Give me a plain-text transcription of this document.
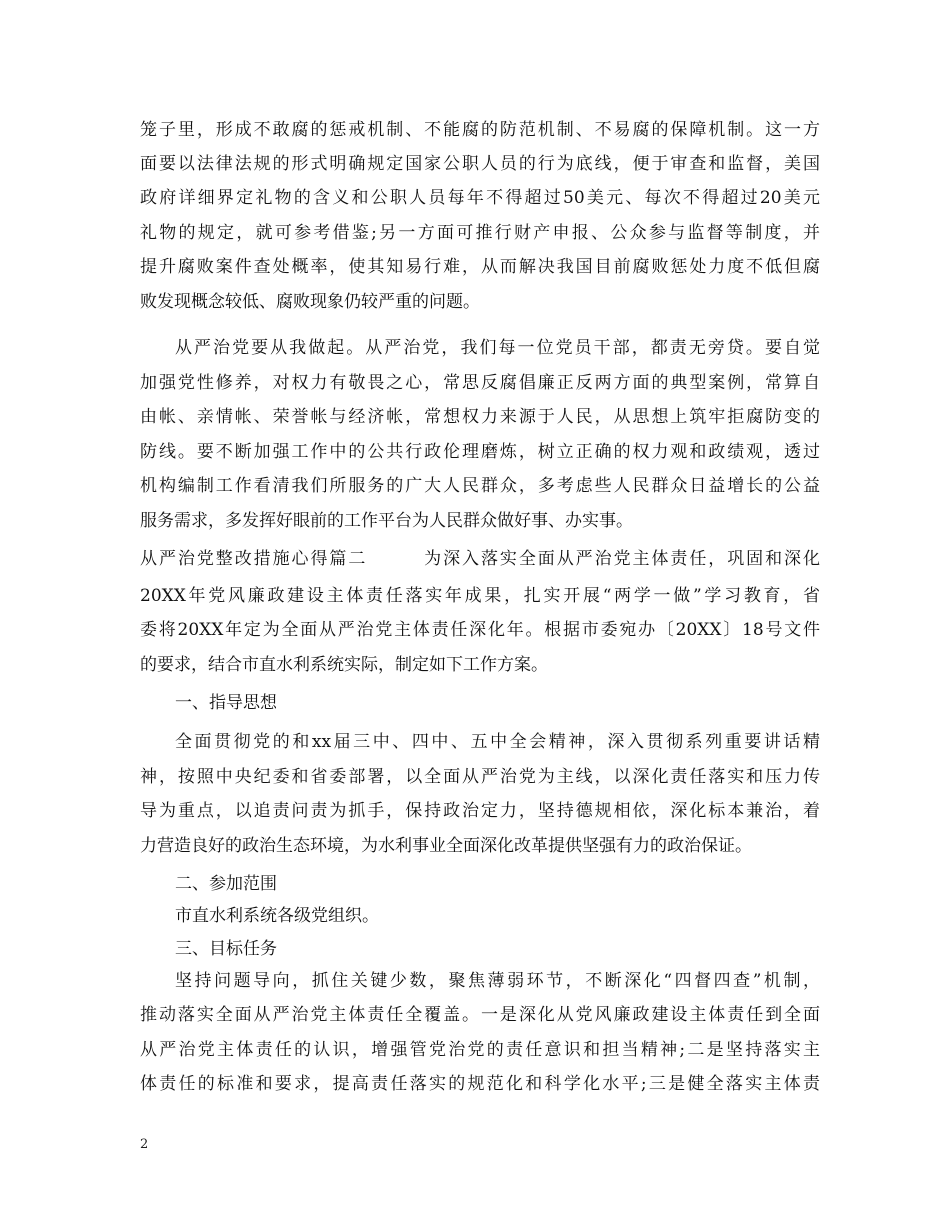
笼子里，形成不敢腐的惩戒机制、不能腐的防范机制、不易腐的保障机制。这一方
面要以法律法规的形式明确规定国家公职人员的行为底线，便于审查和监督，美国
政府详细界定礼物的含义和公职人员每年不得超过50美元、每次不得超过20美元
礼物的规定，就可参考借鉴;另一方面可推行财产申报、公众参与监督等制度，并
提升腐败案件查处概率，使其知易行难，从而解决我国目前腐败惩处力度不低但腐
败发现概念较低、腐败现象仍较严重的问题。
从严治党要从我做起。从严治党，我们每一位党员干部，都责无旁贷。要自觉
加强党性修养，对权力有敬畏之心，常思反腐倡廉正反两方面的典型案例，常算自
由帐、亲情帐、荣誉帐与经济帐，常想权力来源于人民，从思想上筑牢拒腐防变的
防线。要不断加强工作中的公共行政伦理磨炼，树立正确的权力观和政绩观，透过
机构编制工作看清我们所服务的广大人民群众，多考虑些人民群众日益增长的公益
服务需求，多发挥好眼前的工作平台为人民群众做好事、办实事。
从严治党整改措施心得篇二　　　为深入落实全面从严治党主体责任，巩固和深化
20XX年党风廉政建设主体责任落实年成果，扎实开展“两学一做”学习教育，省
委将20XX年定为全面从严治党主体责任深化年。根据市委宛办〔20XX〕18号文件
的要求，结合市直水利系统实际，制定如下工作方案。
一、指导思想
全面贯彻党的和xx届三中、四中、五中全会精神，深入贯彻系列重要讲话精
神，按照中央纪委和省委部署，以全面从严治党为主线，以深化责任落实和压力传
导为重点，以追责问责为抓手，保持政治定力，坚持德规相依，深化标本兼治，着
力营造良好的政治生态环境，为水利事业全面深化改革提供坚强有力的政治保证。
二、参加范围
市直水利系统各级党组织。
三、目标任务
坚持问题导向，抓住关键少数，聚焦薄弱环节，不断深化“四督四查”机制，
推动落实全面从严治党主体责任全覆盖。一是深化从党风廉政建设主体责任到全面
从严治党主体责任的认识，增强管党治党的责任意识和担当精神;二是坚持落实主
体责任的标准和要求，提高责任落实的规范化和科学化水平;三是健全落实主体责
2
